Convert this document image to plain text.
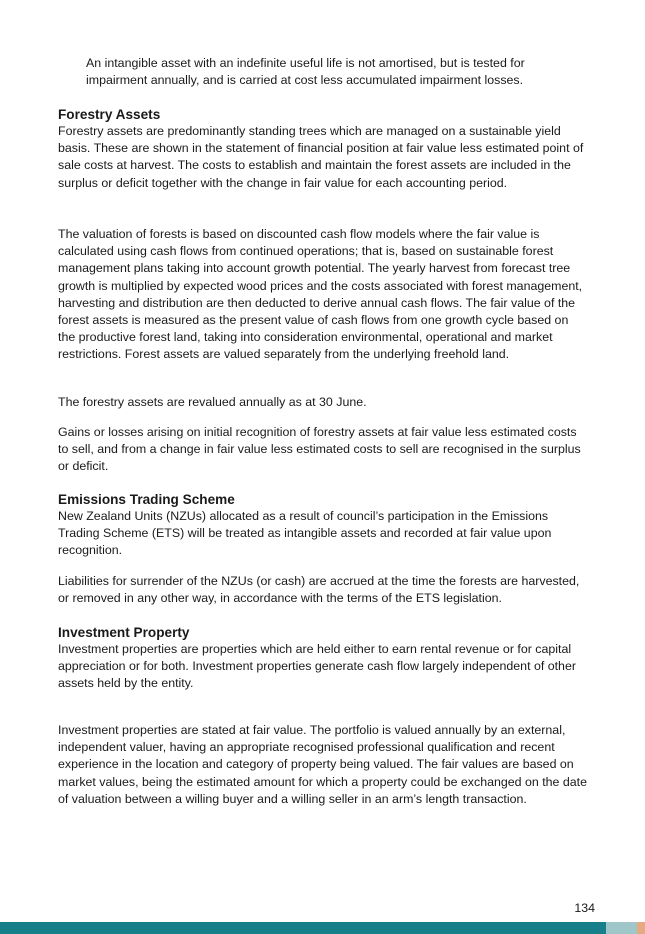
An intangible asset with an indefinite useful life is not amortised, but is tested for impairment annually, and is carried at cost less accumulated impairment losses.

Forestry Assets

Forestry assets are predominantly standing trees which are managed on a sustainable yield basis. These are shown in the statement of financial position at fair value less estimated point of sale costs at harvest. The costs to establish and maintain the forest assets are included in the surplus or deficit together with the change in fair value for each accounting period.

The valuation of forests is based on discounted cash flow models where the fair value is calculated using cash flows from continued operations; that is, based on sustainable forest management plans taking into account growth potential. The yearly harvest from forecast tree growth is multiplied by expected wood prices and the costs associated with forest management, harvesting and distribution are then deducted to derive annual cash flows. The fair value of the forest assets is measured as the present value of cash flows from one growth cycle based on the productive forest land, taking into consideration environmental, operational and market restrictions. Forest assets are valued separately from the underlying freehold land.

The forestry assets are revalued annually as at 30 June.

Gains or losses arising on initial recognition of forestry assets at fair value less estimated costs to sell, and from a change in fair value less estimated costs to sell are recognised in the surplus or deficit.

Emissions Trading Scheme

New Zealand Units (NZUs) allocated as a result of council’s participation in the Emissions Trading Scheme (ETS) will be treated as intangible assets and recorded at fair value upon recognition.

Liabilities for surrender of the NZUs (or cash) are accrued at the time the forests are harvested, or removed in any other way, in accordance with the terms of the ETS legislation.

Investment Property

Investment properties are properties which are held either to earn rental revenue or for capital appreciation or for both. Investment properties generate cash flow largely independent of other assets held by the entity.

Investment properties are stated at fair value. The portfolio is valued annually by an external, independent valuer, having an appropriate recognised professional qualification and recent experience in the location and category of property being valued. The fair values are based on market values, being the estimated amount for which a property could be exchanged on the date of valuation between a willing buyer and a willing seller in an arm’s length transaction.

134
